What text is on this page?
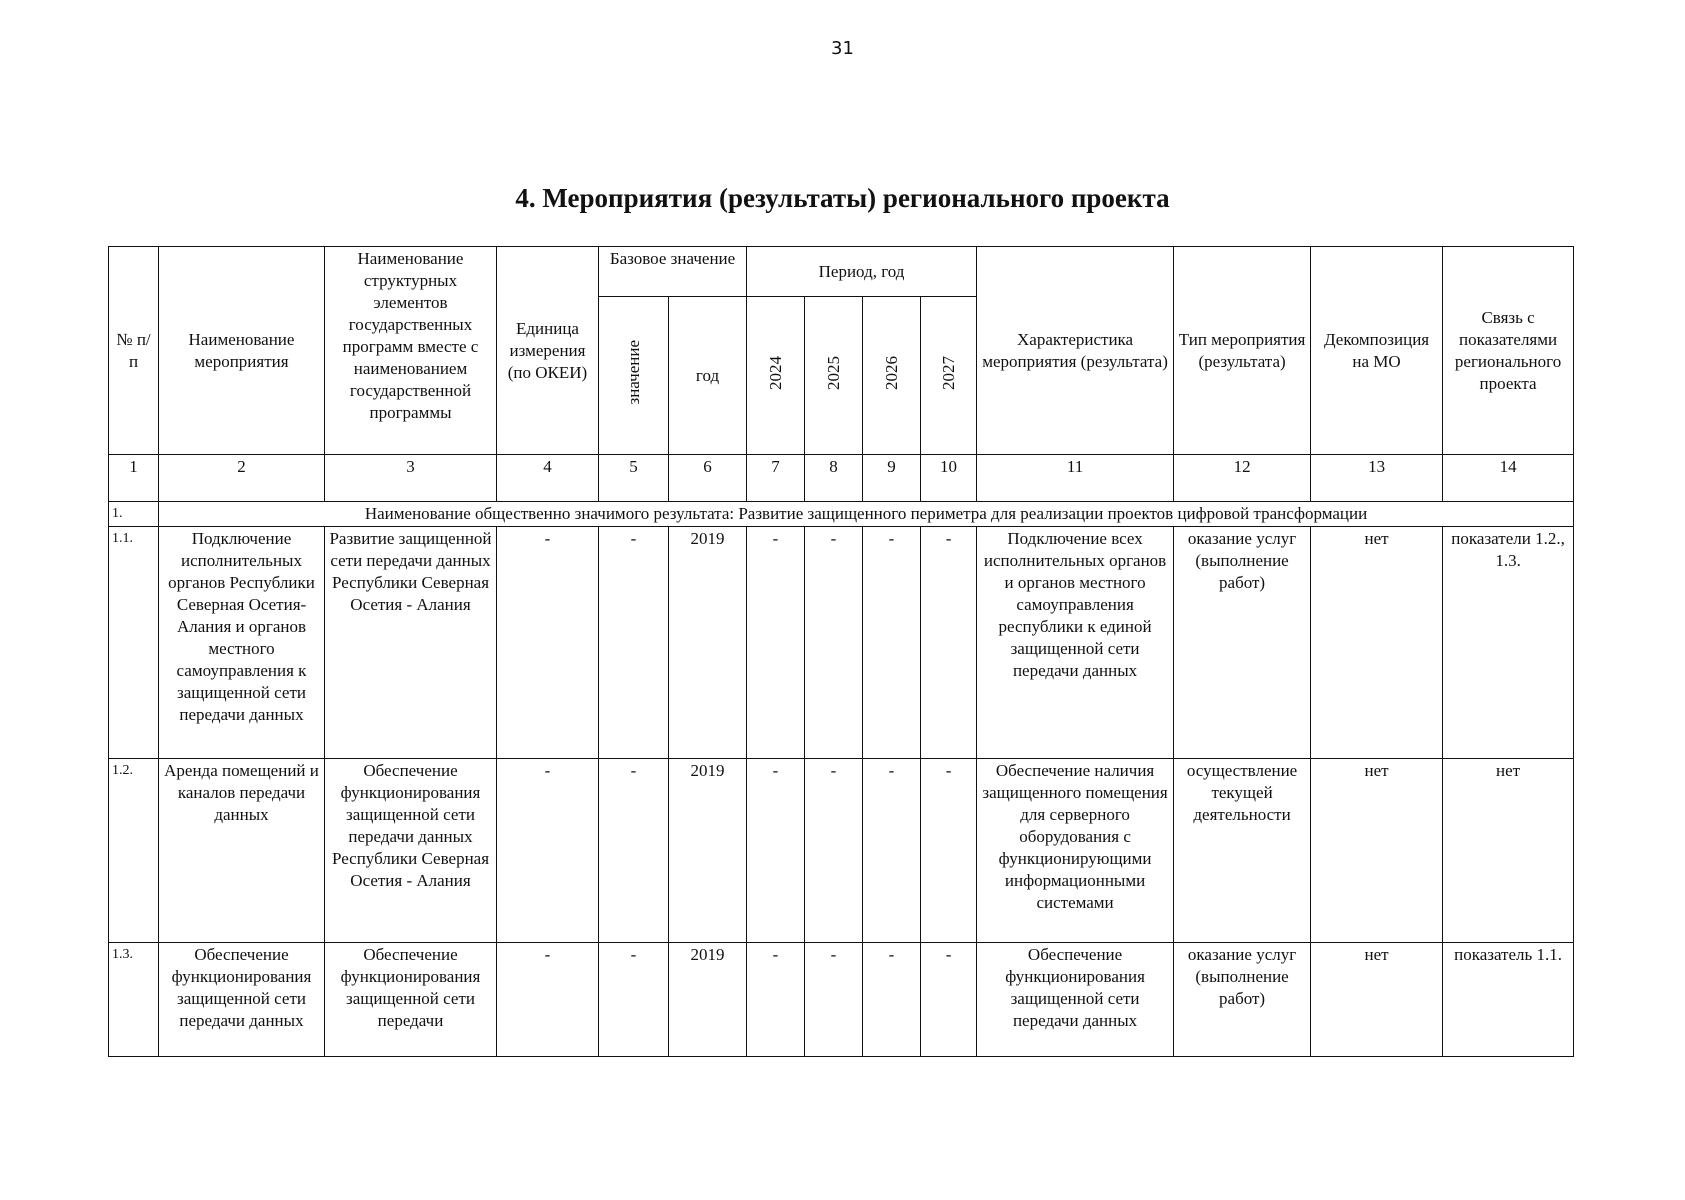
31
4. Мероприятия (результаты) регионального проекта
№ п/ п	Наименование мероприятия	Наименование структурных элементов государственных программ вместе с наименованием государственной программы	Единица измерения (по ОКЕИ)	Базовое значение		Период, год				Характеристика мероприятия (результата)	Тип мероприятия (результата)	Декомпозиция на МО	Связь с показателями регионального проекта
				значение	год	2024	2025	2026	2027				
1	2	3	4	5	6	7	8	9	10	11	12	13	14
1.	Наименование общественно значимого результата: Развитие защищенного периметра для реализации проектов цифровой трансформации												
1.1.	Подключение исполнительных органов Республики Северная Осетия-Алания и органов местного самоуправления к защищенной сети передачи данных	Развитие защищенной сети передачи данных Республики Северная Осетия - Алания	-	-	2019	-	-	-	-	Подключение всех исполнительных органов и органов местного самоуправления республики к единой защищенной сети передачи данных	оказание услуг (выполнение работ)	нет	показатели 1.2., 1.3.
1.2.	Аренда помещений и каналов передачи данных	Обеспечение функционирования защищенной сети передачи данных Республики Северная Осетия - Алания	-	-	2019	-	-	-	-	Обеспечение наличия защищенного помещения для серверного оборудования с функционирующими информационными системами	осуществление текущей деятельности	нет	нет
1.3.	Обеспечение функционирования защищенной сети передачи данных	Обеспечение функционирования защищенной сети передачи	-	-	2019	-	-	-	-	Обеспечение функционирования защищенной сети передачи данных	оказание услуг (выполнение работ)	нет	показатель 1.1.
